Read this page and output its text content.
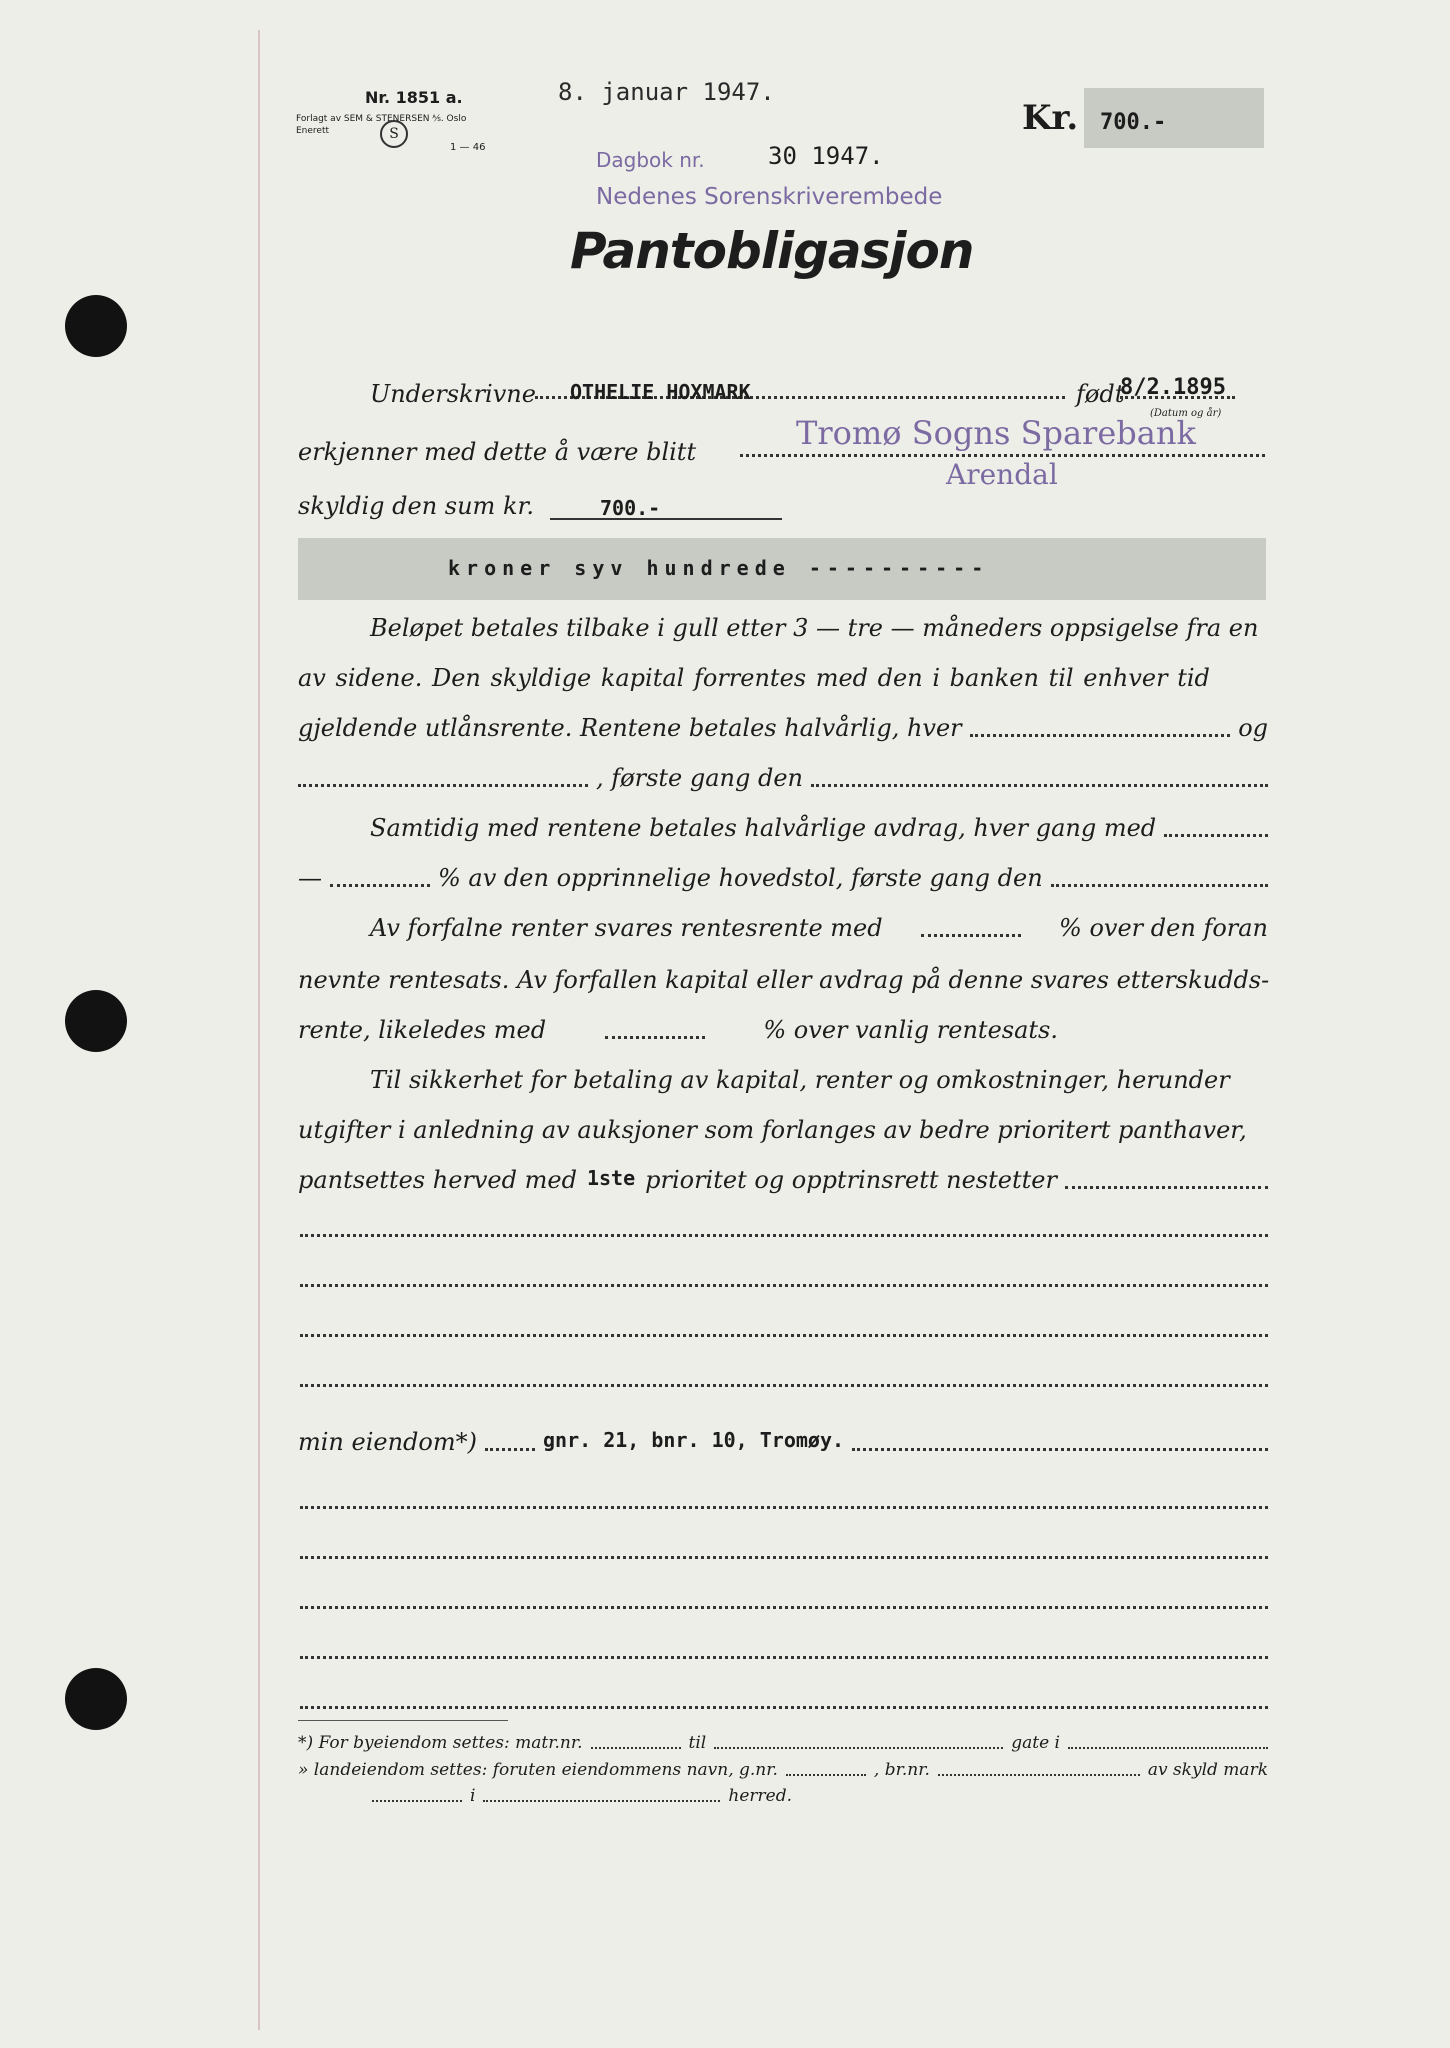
Nr. 1851 a.
Forlagt av SEM & STENERSEN ⅍. Oslo
Enerett	S
1 — 46
8. januar 1947.
Dagbok nr.	30 1947.
Nedenes Sorenskriverembede
Kr. 700.-
Pantobligasjon
Underskrivne OTHELIE HOXMARK	født
8/2.1895
(Datum og år)
erkjenner med dette å være blitt	Tromø Sogns Sparebank
Arendal
skyldig den sum kr.	700.-
kroner syv hundrede ----------
Beløpet betales tilbake i gull etter 3 — tre — måneders oppsigelse fra en
av sidene. Den skyldige kapital forrentes med den i banken til enhver tid
gjeldende utlånsrente. Rentene betales halvårlig, hver	og
, første gang den
Samtidig med rentene betales halvårlige avdrag, hver gang med
—	% av den opprinnelige hovedstol, første gang den
Av forfalne renter svares rentesrente med	% over den foran
nevnte rentesats. Av forfallen kapital eller avdrag på denne svares etterskudds-
rente, likeledes med	% over vanlig rentesats.
Til sikkerhet for betaling av kapital, renter og omkostninger, herunder
utgifter i anledning av auksjoner som forlanges av bedre prioritert panthaver,
pantsettes herved med 1ste prioritet og opptrinsrett nestetter
min eiendom*)	gnr. 21, bnr. 10, Tromøy.
*) For byeiendom settes: matr.nr.	til	gate i
» landeiendom settes: foruten eiendommens navn, g.nr.	, br.nr.	av skyld mark
i	herred.
